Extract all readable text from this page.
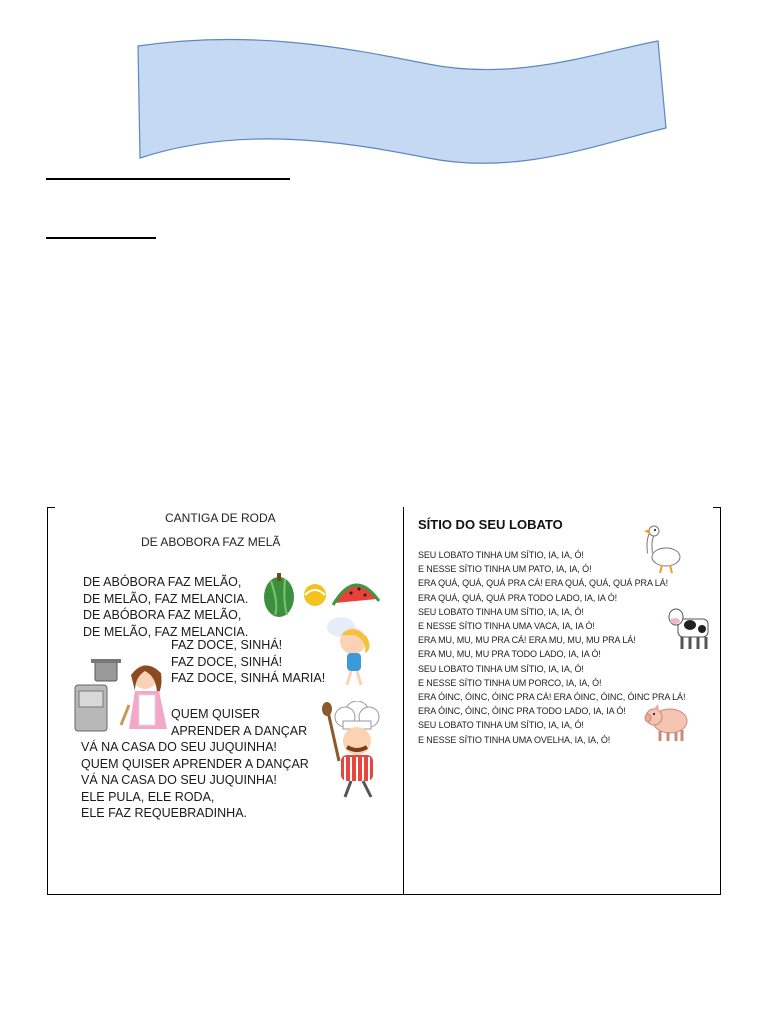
CANTIGA DE RODA
DE ABOBORA FAZ MELÃ
DE ABÓBORA FAZ MELÃO,
DE MELÃO, FAZ MELANCIA.
DE ABÓBORA FAZ MELÃO,
DE MELÃO, FAZ MELANCIA.
FAZ DOCE, SINHÁ!
FAZ DOCE, SINHÁ!
FAZ DOCE, SINHÁ MARIA!
QUEM QUISER
APRENDER A DANÇAR
VÁ NA CASA DO SEU JUQUINHA!
QUEM QUISER APRENDER A DANÇAR
VÁ NA CASA DO SEU JUQUINHA!
ELE PULA, ELE RODA,
ELE FAZ REQUEBRADINHA.
SÍTIO DO SEU LOBATO
SEU LOBATO TINHA UM SÍTIO, IA, IA, Ó!
E NESSE SÍTIO TINHA UM PATO, IA, IA, Ó!
ERA QUÁ, QUÁ, QUÁ PRA CÁ! ERA QUÁ, QUÁ, QUÁ PRA LÁ!
ERA QUÁ, QUÁ, QUÁ PRA TODO LADO, IA, IA Ó!
SEU LOBATO TINHA UM SÍTIO, IA, IA, Ó!
E NESSE SÍTIO TINHA UMA VACA, IA, IA Ó!
ERA MU, MU, MU PRA CÁ! ERA MU, MU, MU PRA LÁ!
ERA MU, MU, MU PRA TODO LADO, IA, IA Ó!
SEU LOBATO TINHA UM SÍTIO, IA, IA, Ó!
E NESSE SÍTIO TINHA UM PORCO, IA, IA, Ó!
ERA ÓINC, ÓINC, ÓINC PRA CÁ! ERA ÓINC, ÓINC, ÓINC PRA LÁ!
ERA ÓINC, ÓINC, ÓINC PRA TODO LADO, IA, IA Ó!
SEU LOBATO TINHA UM SÍTIO, IA, IA, Ó!
E NESSE SÍTIO TINHA UMA OVELHA, IA, IA, Ó!
